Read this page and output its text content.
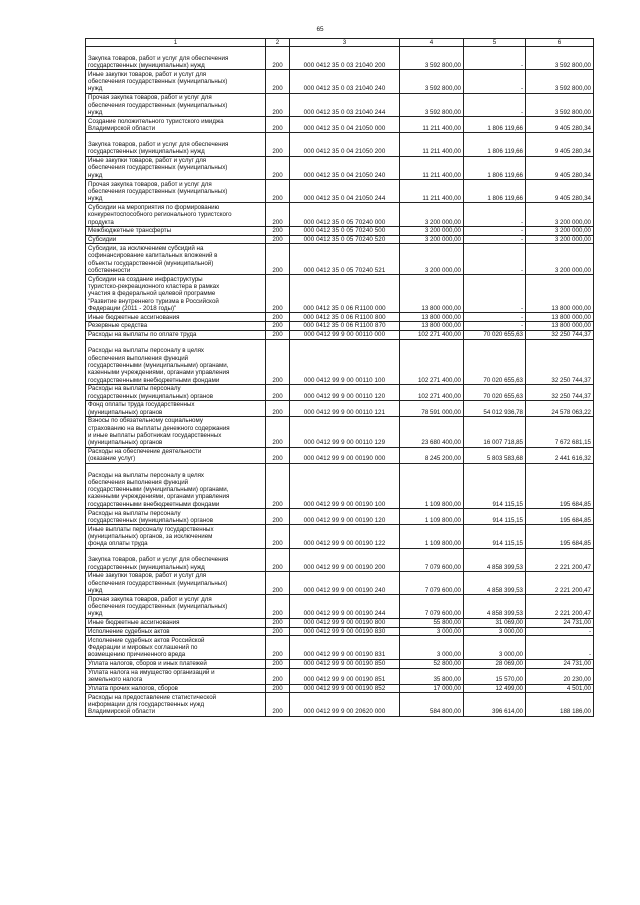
65
1	2	3	4	5	6

Закупка товаров, работ и услуг для обеспечения
государственных (муниципальных) нужд	200	000 0412 35 0 03 21040 200	3 592 800,00	-	3 592 800,00
Иные закупки товаров, работ и услуг для
обеспечения государственных (муниципальных)
нужд	200	000 0412 35 0 03 21040 240	3 592 800,00	-	3 592 800,00
Прочая закупка товаров, работ и услуг для
обеспечения государственных (муниципальных)
нужд	200	000 0412 35 0 03 21040 244	3 592 800,00	-	3 592 800,00
Создание положительного туристского имиджа
Владимирской области	200	000 0412 35 0 04 21050 000	11 211 400,00	1 806 119,66	9 405 280,34

Закупка товаров, работ и услуг для обеспечения
государственных (муниципальных) нужд	200	000 0412 35 0 04 21050 200	11 211 400,00	1 806 119,66	9 405 280,34
Иные закупки товаров, работ и услуг для
обеспечения государственных (муниципальных)
нужд	200	000 0412 35 0 04 21050 240	11 211 400,00	1 806 119,66	9 405 280,34
Прочая закупка товаров, работ и услуг для
обеспечения государственных (муниципальных)
нужд	200	000 0412 35 0 04 21050 244	11 211 400,00	1 806 119,66	9 405 280,34
Субсидии на мероприятия по формированию
конкурентоспособного регионального туристского
продукта	200	000 0412 35 0 05 70240 000	3 200 000,00	-	3 200 000,00
Межбюджетные трансферты	200	000 0412 35 0 05 70240 500	3 200 000,00	-	3 200 000,00
Субсидии	200	000 0412 35 0 05 70240 520	3 200 000,00	-	3 200 000,00
Субсидии, за исключением субсидий на
софинансирование капитальных вложений в
объекты государственной (муниципальной)
собственности	200	000 0412 35 0 05 70240 521	3 200 000,00	-	3 200 000,00
Субсидии на создание инфраструктуры
туристско-рекреационного кластера в рамках
участия в федеральной целевой программе
"Развитие внутреннего туризма в Российской
Федерации (2011 - 2018 годы)"	200	000 0412 35 0 06 R1100 000	13 800 000,00	-	13 800 000,00
Иные бюджетные ассигнования	200	000 0412 35 0 06 R1100 800	13 800 000,00	-	13 800 000,00
Резервные средства	200	000 0412 35 0 06 R1100 870	13 800 000,00	-	13 800 000,00
Расходы на выплаты по оплате труда	200	000 0412 99 9 00 00110 000	102 271 400,00	70 020 655,63	32 250 744,37

Расходы на выплаты персоналу в целях
обеспечения выполнения функций
государственными (муниципальными) органами,
казенными учреждениями, органами управления
государственными внебюджетными фондами	200	000 0412 99 9 00 00110 100	102 271 400,00	70 020 655,63	32 250 744,37
Расходы на выплаты персоналу
государственных (муниципальных) органов	200	000 0412 99 9 00 00110 120	102 271 400,00	70 020 655,63	32 250 744,37
Фонд оплаты труда государственных
(муниципальных) органов	200	000 0412 99 9 00 00110 121	78 591 000,00	54 012 936,78	24 578 063,22
Взносы по обязательному социальному
страхованию на выплаты денежного содержания
и иные выплаты работникам государственных
(муниципальных) органов	200	000 0412 99 9 00 00110 129	23 680 400,00	16 007 718,85	7 672 681,15
Расходы на обеспечение деятельности
(оказание услуг)	200	000 0412 99 9 00 00190 000	8 245 200,00	5 803 583,68	2 441 616,32

Расходы на выплаты персоналу в целях
обеспечения выполнения функций
государственными (муниципальными) органами,
казенными учреждениями, органами управления
государственными внебюджетными фондами	200	000 0412 99 9 00 00190 100	1 109 800,00	914 115,15	195 684,85
Расходы на выплаты персоналу
государственных (муниципальных) органов	200	000 0412 99 9 00 00190 120	1 109 800,00	914 115,15	195 684,85
Иные выплаты персоналу государственных
(муниципальных) органов, за исключением
фонда оплаты труда	200	000 0412 99 9 00 00190 122	1 109 800,00	914 115,15	195 684,85

Закупка товаров, работ и услуг для обеспечения
государственных (муниципальных) нужд	200	000 0412 99 9 00 00190 200	7 079 600,00	4 858 399,53	2 221 200,47
Иные закупки товаров, работ и услуг для
обеспечения государственных (муниципальных)
нужд	200	000 0412 99 9 00 00190 240	7 079 600,00	4 858 399,53	2 221 200,47
Прочая закупка товаров, работ и услуг для
обеспечения государственных (муниципальных)
нужд	200	000 0412 99 9 00 00190 244	7 079 600,00	4 858 399,53	2 221 200,47
Иные бюджетные ассигнования	200	000 0412 99 9 00 00190 800	55 800,00	31 069,00	24 731,00
Исполнение судебных актов	200	000 0412 99 9 00 00190 830	3 000,00	3 000,00	-
Исполнение судебных актов Российской
Федерации и мировых соглашений по
возмещению причиненного вреда	200	000 0412 99 9 00 00190 831	3 000,00	3 000,00	-
Уплата налогов, сборов и иных платежей	200	000 0412 99 9 00 00190 850	52 800,00	28 069,00	24 731,00
Уплата налога на имущество организаций и
земельного налога	200	000 0412 99 9 00 00190 851	35 800,00	15 570,00	20 230,00
Уплата прочих налогов, сборов	200	000 0412 99 9 00 00190 852	17 000,00	12 499,00	4 501,00
Расходы на предоставление статистической
информации для государственных нужд
Владимирской области	200	000 0412 99 9 00 20620 000	584 800,00	396 614,00	188 186,00
